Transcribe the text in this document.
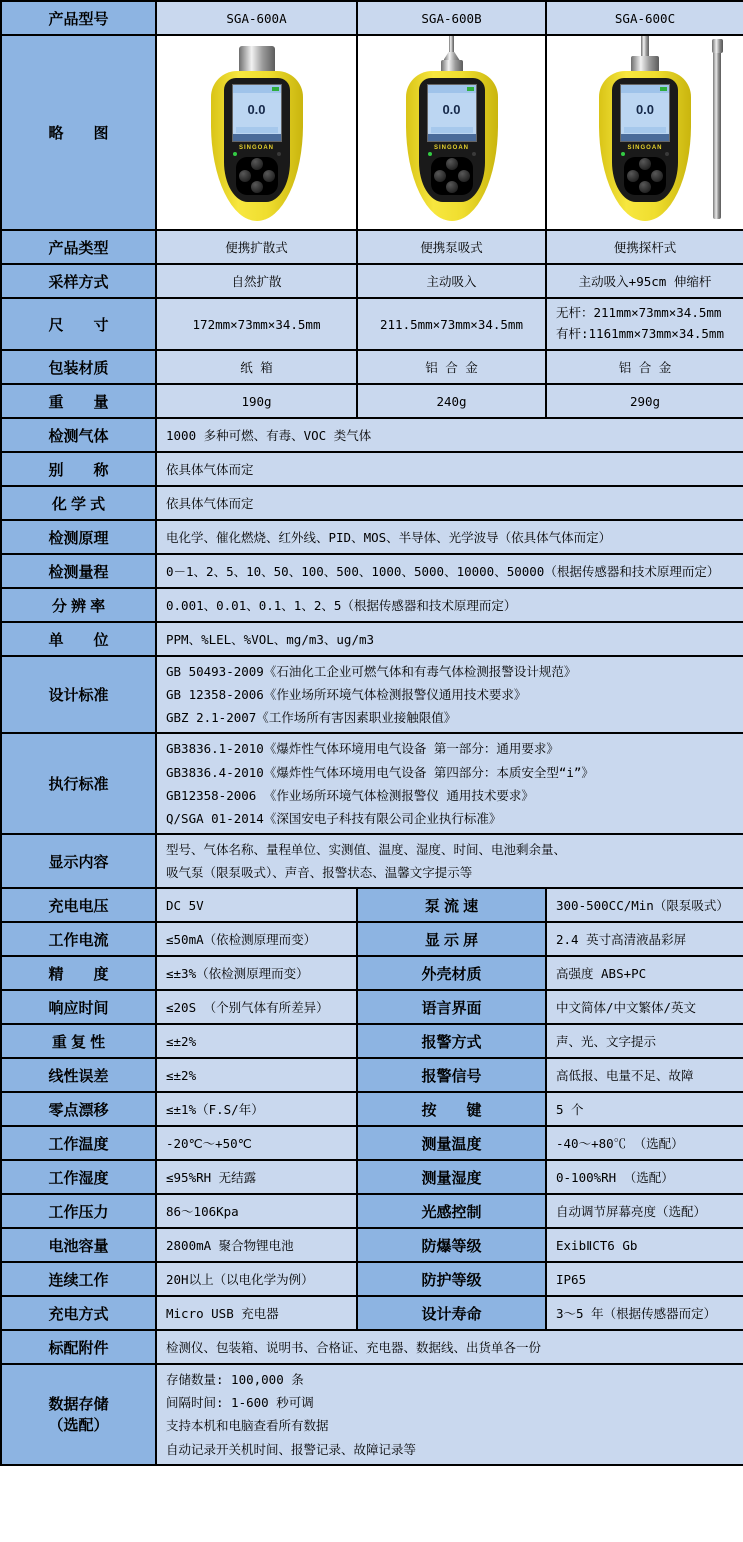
产品型号	SGA-600A	SGA-600B	SGA-600C
略　　图	
0.0
SINGOAN

0.0
SINGOAN

0.0
SINGOAN

产品类型	便携扩散式	便携泵吸式	便携探杆式
采样方式	自然扩散	主动吸入	主动吸入+95cm 伸缩杆
尺　　寸	172mm×73mm×34.5mm	211.5mm×73mm×34.5mm	无杆：211mm×73mm×34.5mm
有杆:1161mm×73mm×34.5mm

包装材质	纸 箱	铝 合 金	铝 合 金
重　　量	190g	240g	290g
检测气体	1000 多种可燃、有毒、VOC 类气体		
别　　称	依具体气体而定		
化 学 式	依具体气体而定		
检测原理	电化学、催化燃烧、红外线、PID、MOS、半导体、光学波导（依具体气体而定）		
检测量程	0－1、2、5、10、50、100、500、1000、5000、10000、50000（根据传感器和技术原理而定）		
分 辨 率	0.001、0.01、0.1、1、2、5（根据传感器和技术原理而定）		
单　　位	PPM、%LEL、%VOL、mg/m3、ug/m3		
设计标准	GB 50493-2009《石油化工企业可燃气体和有毒气体检测报警设计规范》
GB 12358-2006《作业场所环境气体检测报警仪通用技术要求》
GBZ 2.1-2007《工作场所有害因素职业接触限值》		

执行标准	GB3836.1-2010《爆炸性气体环境用电气设备 第一部分：通用要求》
GB3836.4-2010《爆炸性气体环境用电气设备 第四部分：本质安全型“i”》
GB12358-2006 《作业场所环境气体检测报警仪 通用技术要求》
Q/SGA 01-2014《深国安电子科技有限公司企业执行标准》		

显示内容	型号、气体名称、量程单位、实测值、温度、湿度、时间、电池剩余量、
吸气泵（限泵吸式）、声音、报警状态、温馨文字提示等		

充电电压	DC 5V	泵 流 速	300-500CC/Min（限泵吸式）
工作电流	≤50mA（依检测原理而变）	显 示 屏	2.4 英寸高清液晶彩屏
精　　度	≤±3%（依检测原理而变）	外壳材质	高强度 ABS+PC
响应时间	≤20S （个别气体有所差异）	语言界面	中文简体/中文繁体/英文
重 复 性	≤±2%	报警方式	声、光、文字提示
线性误差	≤±2%	报警信号	高低报、电量不足、故障
零点漂移	≤±1%（F.S/年）	按　　键	5 个
工作温度	-20℃～+50℃	测量温度	-40～+80℃ （选配）
工作湿度	≤95%RH 无结露	测量湿度	0-100%RH （选配）
工作压力	86～106Kpa	光感控制	自动调节屏幕亮度（选配）
电池容量	2800mA 聚合物锂电池	防爆等级	ExibⅡCT6 Gb
连续工作	20H以上（以电化学为例）	防护等级	IP65
充电方式	Micro USB 充电器	设计寿命	3～5 年（根据传感器而定）
标配附件	检测仪、包装箱、说明书、合格证、充电器、数据线、出货单各一份		

数据存储
（选配）

存储数量: 100,000 条
间隔时间: 1-600 秒可调
支持本机和电脑查看所有数据
自动记录开关机时间、报警记录、故障记录等
